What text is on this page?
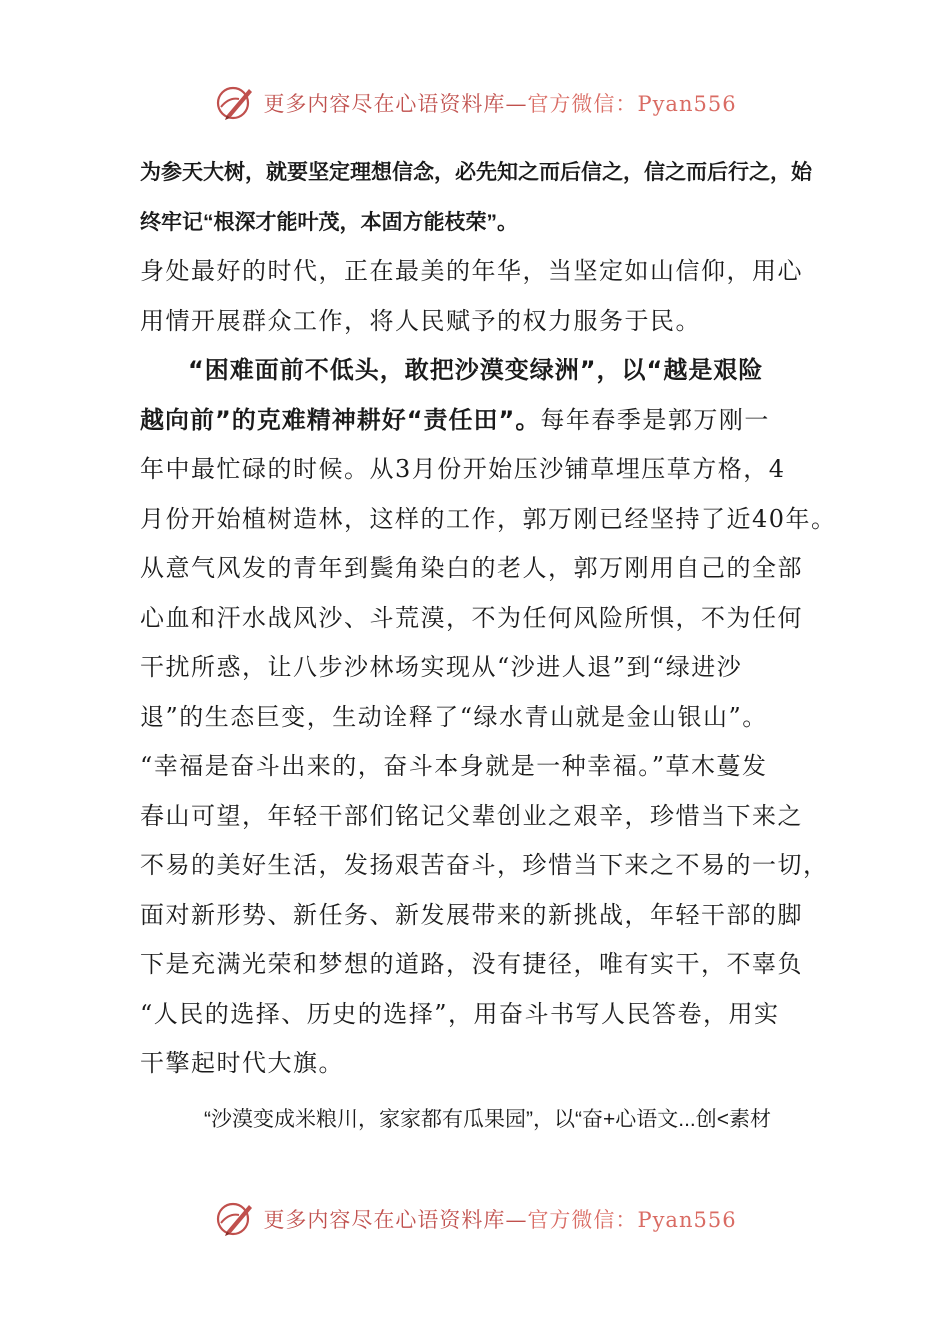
更多内容尽在心语资料库—官方微信：Pyan556
为参天大树，就要坚定理想信念，必先知之而后信之，信之而后行之，始
终牢记“根深才能叶茂，本固方能枝荣”。
身处最好的时代，正在最美的年华，当坚定如山信仰，用心
用情开展群众工作，将人民赋予的权力服务于民。
“困难面前不低头，敢把沙漠变绿洲”，以“越是艰险
越向前”的克难精神耕好“责任田”。每年春季是郭万刚一
年中最忙碌的时候。从3月份开始压沙铺草埋压草方格，4
月份开始植树造林，这样的工作，郭万刚已经坚持了近40年。
从意气风发的青年到鬓角染白的老人，郭万刚用自己的全部
心血和汗水战风沙、斗荒漠，不为任何风险所惧，不为任何
干扰所惑，让八步沙林场实现从“沙进人退”到“绿进沙
退”的生态巨变，生动诠释了“绿水青山就是金山银山”。
“幸福是奋斗出来的，奋斗本身就是一种幸福。”草木蔓发
春山可望，年轻干部们铭记父辈创业之艰辛，珍惜当下来之
不易的美好生活，发扬艰苦奋斗，珍惜当下来之不易的一切，
面对新形势、新任务、新发展带来的新挑战，年轻干部的脚
下是充满光荣和梦想的道路，没有捷径，唯有实干，不辜负
“人民的选择、历史的选择”，用奋斗书写人民答卷，用实
干擎起时代大旗。
“沙漠变成米粮川，家家都有瓜果园”，以“奋+心语文...创<素材
更多内容尽在心语资料库—官方微信：Pyan556
